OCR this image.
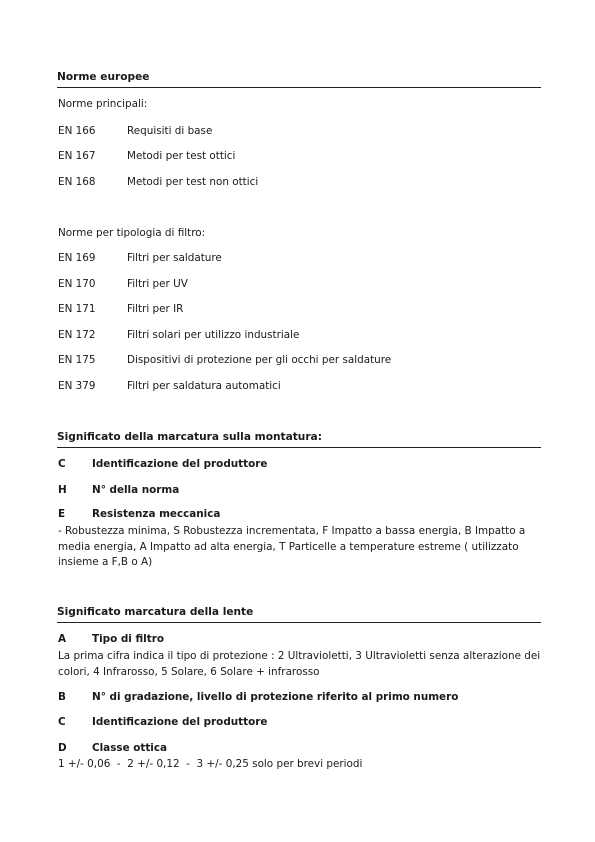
Norme europee
Norme principali:
EN 166	Requisiti di base
EN 167	Metodi per test ottici
EN 168	Metodi per test non ottici
Norme per tipologia di filtro:
EN 169	Filtri per saldature
EN 170	Filtri per UV
EN 171	Filtri per IR
EN 172	Filtri solari per utilizzo industriale
EN 175	Dispositivi di protezione per gli occhi per saldature
EN 379	Filtri per saldatura automatici
Significato della marcatura sulla montatura:
C	Identificazione del produttore
H N° della norma
E	Resistenza meccanica
- Robustezza minima, S Robustezza incrementata, F Impatto a bassa energia, B Impatto a media energia, A Impatto ad alta energia, T Particelle a temperature estreme ( utilizzato insieme a F,B o A)
Significato marcatura della lente
A Tipo di filtro
La prima cifra indica il tipo di protezione : 2 Ultravioletti, 3 Ultravioletti senza alterazione dei colori, 4 Infrarosso, 5 Solare, 6 Solare + infrarosso
B	N° di gradazione, livello di protezione riferito al primo numero
C	Identificazione del produttore
D Classe ottica
1 +/- 0,06  -  2 +/- 0,12  -  3 +/- 0,25 solo per brevi periodi
